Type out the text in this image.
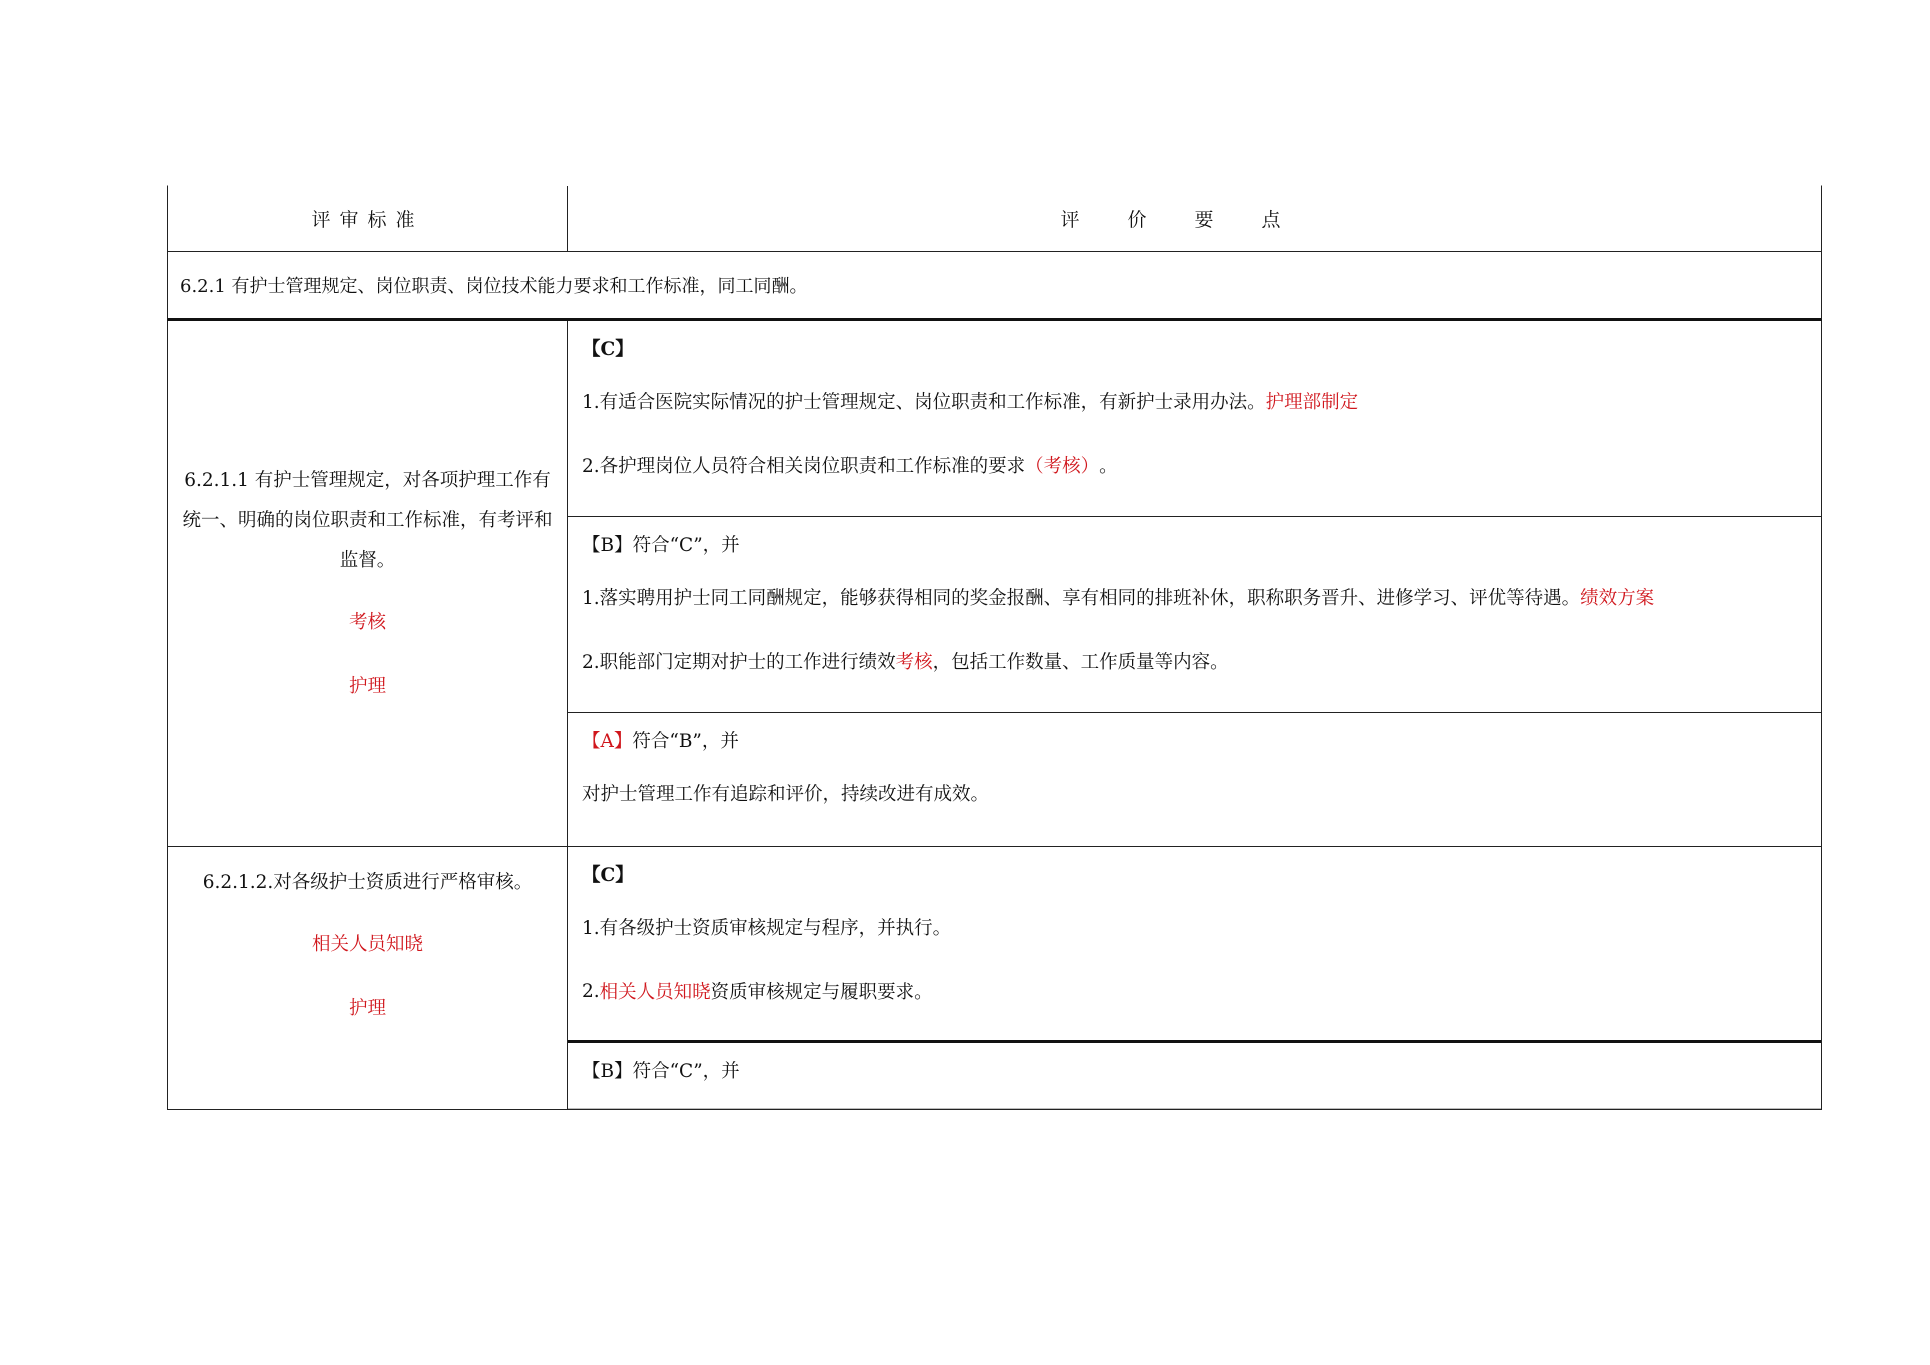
评审标准	评价要点
6.2.1 有护士管理规定、岗位职责、岗位技术能力要求和工作标准，同工同酬。
6.2.1.1 有护士管理规定，对各项护理工作有统一、明确的岗位职责和工作标准，有考评和监督。
考核
护理
【C】
1.有适合医院实际情况的护士管理规定、岗位职责和工作标准，有新护士录用办法。 护理部制定
2.各护理岗位人员符合相关岗位职责和工作标准的要求 （考核） 。
【B】符合“C”，并
1.落实聘用护士同工同酬规定，能够获得相同的奖金报酬、享有相同的排班补休，职称职务晋升、进修学习、评优等待遇。 绩效方案
2.职能部门定期对护士的工作进行绩效 考核 ，包括工作数量、工作质量等内容。
【A】 符合“B”，并
对护士管理工作有追踪和评价，持续改进有成效。
6.2.1.2.对各级护士资质进行严格审核。
相关人员知晓
护理
【C】
1.有各级护士资质审核规定与程序，并执行。
2. 相关人员知晓 资质审核规定与履职要求。
【B】符合“C”，并
